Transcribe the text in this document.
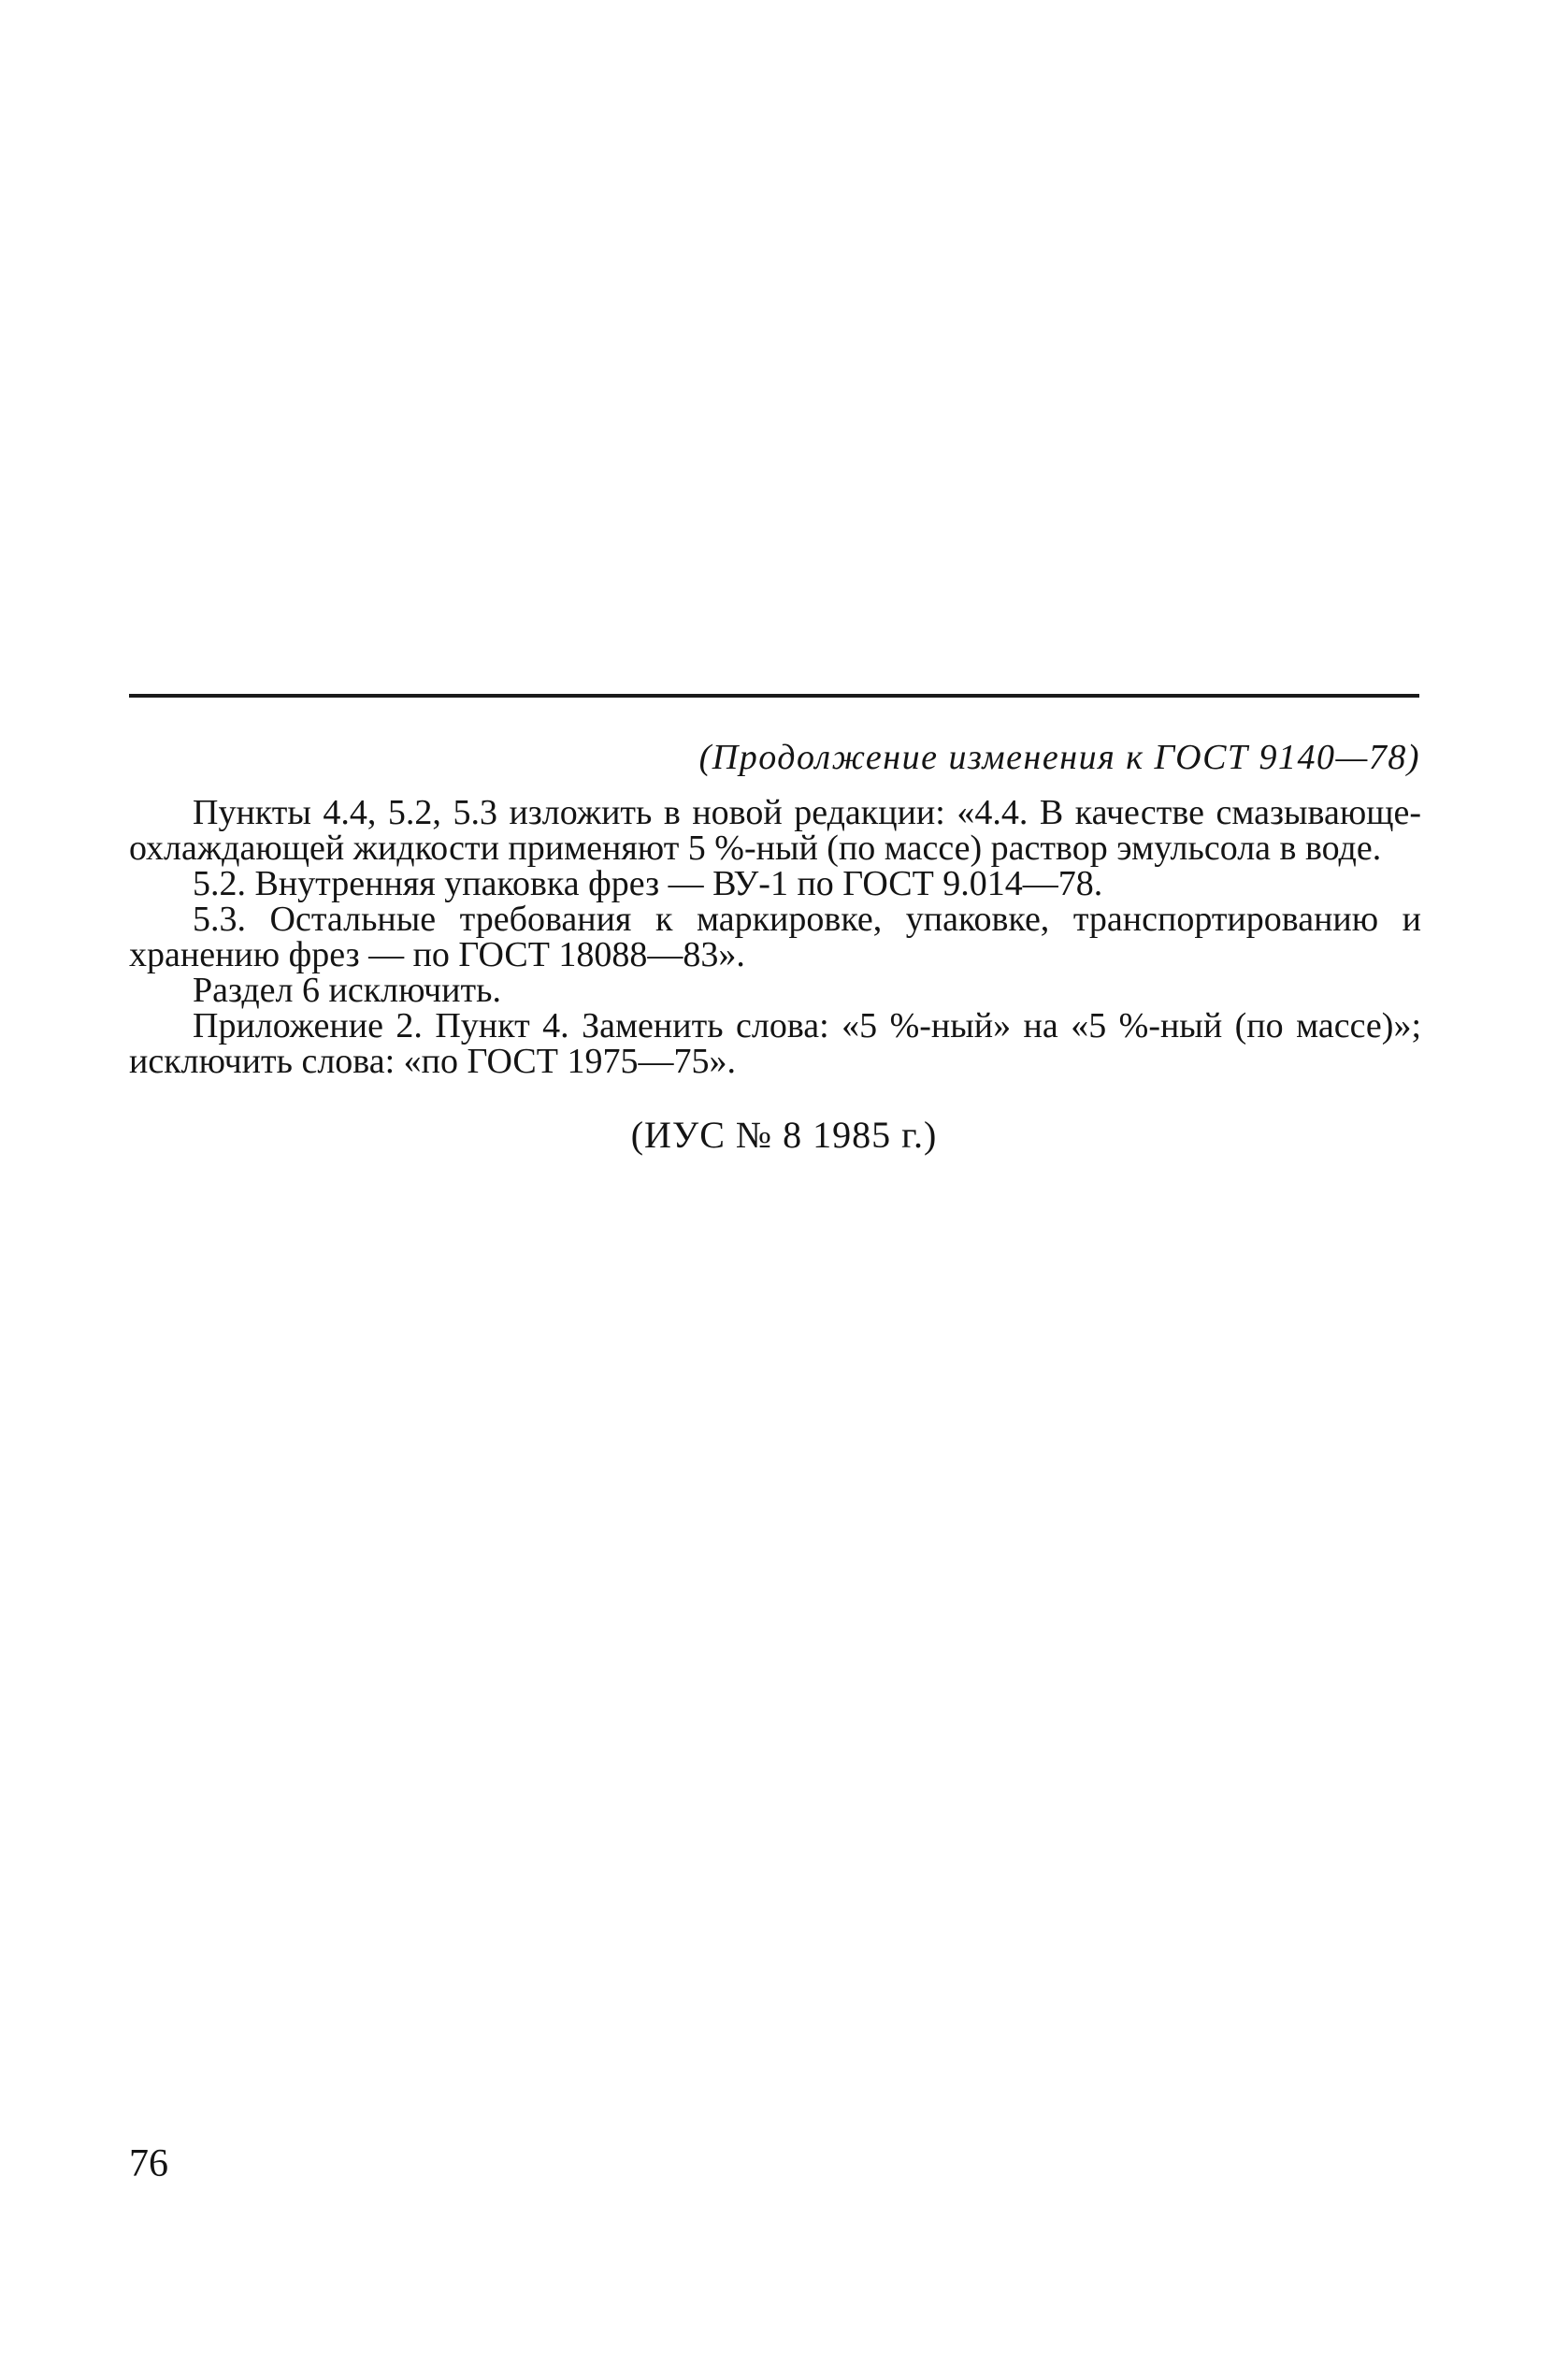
(Продолжение изменения к ГОСТ 9140—78)

Пункты 4.4, 5.2, 5.3 изложить в новой редакции: «4.4. В качестве смазывающе-охлаждающей жидкости применяют 5 %-ный (по массе) раствор эмульсола в воде.

5.2. Внутренняя упаковка фрез — ВУ-1 по ГОСТ 9.014—78.

5.3. Остальные требования к маркировке, упаковке, транспортированию и хранению фрез — по ГОСТ 18088—83».

Раздел 6 исключить.

Приложение 2. Пункт 4. Заменить слова: «5 %-ный» на «5 %-ный (по массе)»; исключить слова: «по ГОСТ 1975—75».

(ИУС № 8 1985 г.)
76
